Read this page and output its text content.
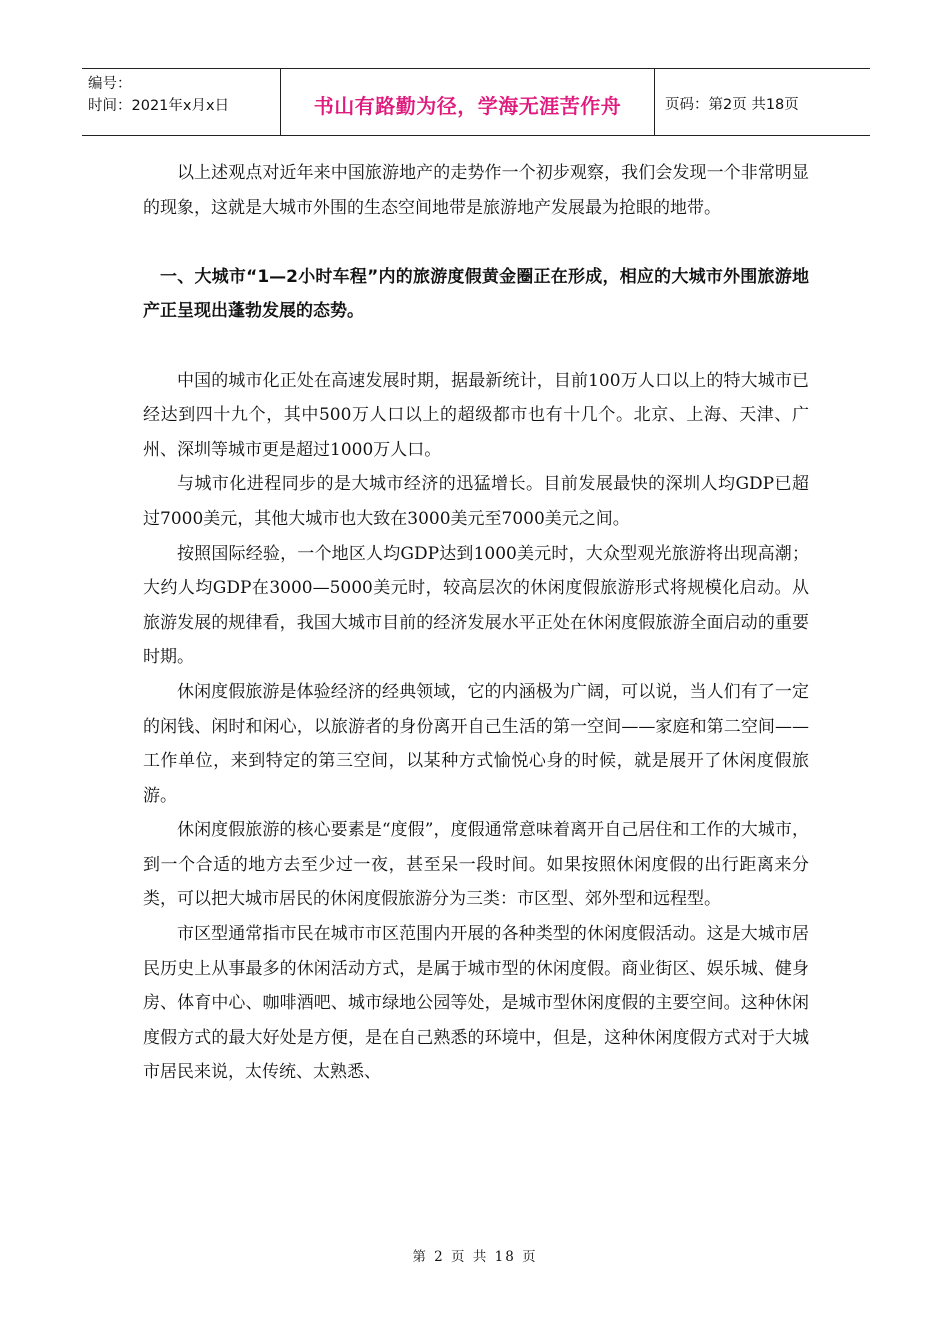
编号：
时间：2021年x月x日	书山有路勤为径，学海无涯苦作舟	页码：第2页 共18页

以上述观点对近年来中国旅游地产的走势作一个初步观察，我们会发现一个非常明显的现象，这就是大城市外围的生态空间地带是旅游地产发展最为抢眼的地带。

一、大城市“1—2小时车程”内的旅游度假黄金圈正在形成，相应的大城市外围旅游地产正呈现出蓬勃发展的态势。

中国的城市化正处在高速发展时期，据最新统计，目前100万人口以上的特大城市已经达到四十九个，其中500万人口以上的超级都市也有十几个。北京、上海、天津、广州、深圳等城市更是超过1000万人口。

与城市化进程同步的是大城市经济的迅猛增长。目前发展最快的深圳人均GDP已超过7000美元，其他大城市也大致在3000美元至7000美元之间。

按照国际经验，一个地区人均GDP达到1000美元时，大众型观光旅游将出现高潮；大约人均GDP在3000—5000美元时，较高层次的休闲度假旅游形式将规模化启动。从旅游发展的规律看，我国大城市目前的经济发展水平正处在休闲度假旅游全面启动的重要时期。

休闲度假旅游是体验经济的经典领域，它的内涵极为广阔，可以说，当人们有了一定的闲钱、闲时和闲心，以旅游者的身份离开自己生活的第一空间——家庭和第二空间——工作单位，来到特定的第三空间，以某种方式愉悦心身的时候，就是展开了休闲度假旅游。

休闲度假旅游的核心要素是“度假”，度假通常意味着离开自己居住和工作的大城市，到一个合适的地方去至少过一夜，甚至呆一段时间。如果按照休闲度假的出行距离来分类，可以把大城市居民的休闲度假旅游分为三类：市区型、郊外型和远程型。

市区型通常指市民在城市市区范围内开展的各种类型的休闲度假活动。这是大城市居民历史上从事最多的休闲活动方式，是属于城市型的休闲度假。商业街区、娱乐城、健身房、体育中心、咖啡酒吧、城市绿地公园等处，是城市型休闲度假的主要空间。这种休闲度假方式的最大好处是方便，是在自己熟悉的环境中，但是，这种休闲度假方式对于大城市居民来说，太传统、太熟悉、

第 2 页 共 18 页
